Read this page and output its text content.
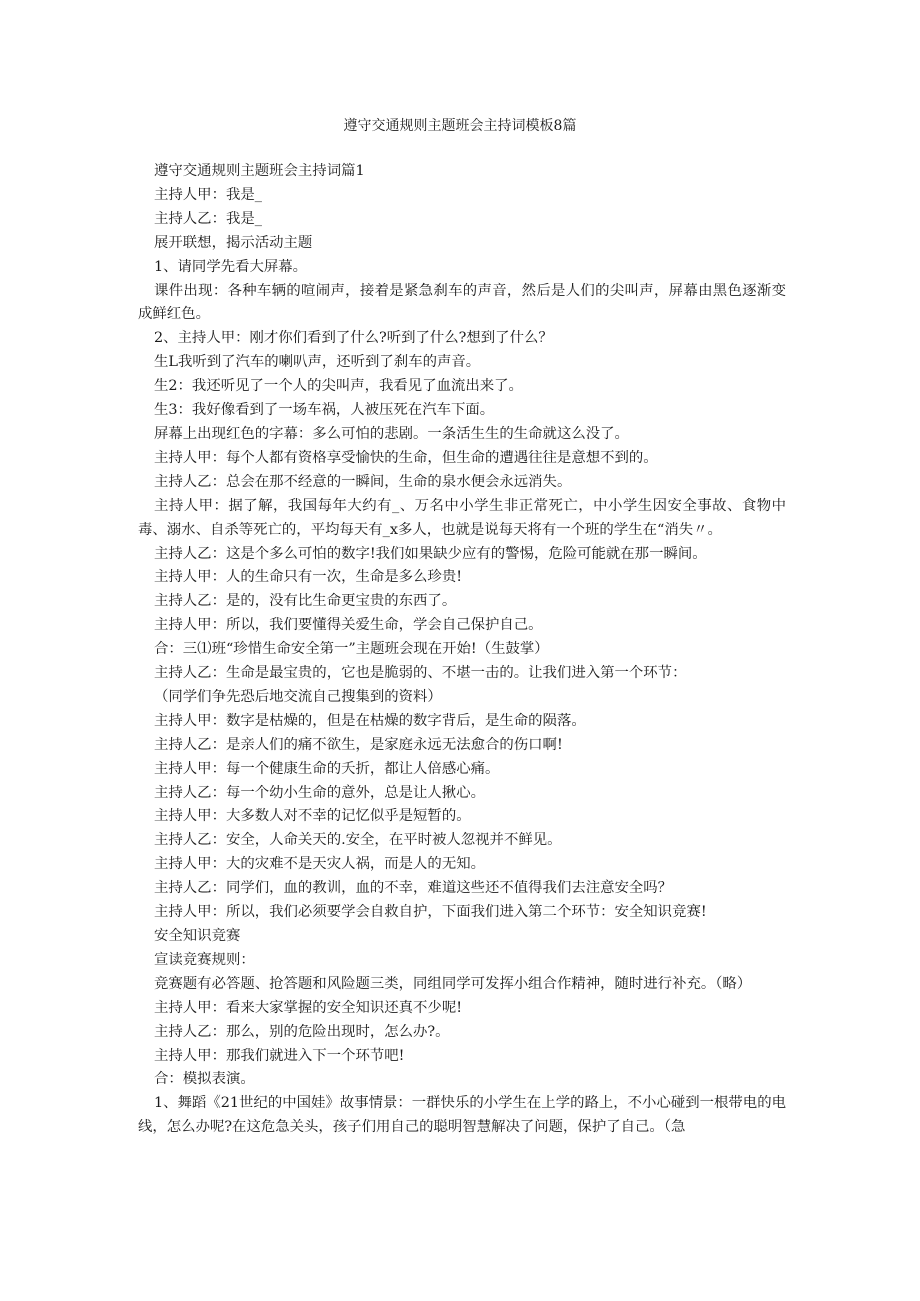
遵守交通规则主题班会主持词模板8篇

遵守交通规则主题班会主持词篇1

主持人甲：我是_

主持人乙：我是_

展开联想，揭示活动主题

1、请同学先看大屏幕。

课件出现：各种车辆的喧闹声，接着是紧急刹车的声音，然后是人们的尖叫声，屏幕由黑色逐渐变成鲜红色。

2、主持人甲：刚才你们看到了什么?听到了什么?想到了什么？

生L我听到了汽车的喇叭声，还听到了刹车的声音。

生2：我还听见了一个人的尖叫声，我看见了血流出来了。

生3：我好像看到了一场车祸，人被压死在汽车下面。

屏幕上出现红色的字幕：多么可怕的悲剧。一条活生生的生命就这么没了。

主持人甲：每个人都有资格享受愉快的生命，但生命的遭遇往往是意想不到的。

主持人乙：总会在那不经意的一瞬间，生命的泉水便会永远消失。

主持人甲：据了解，我国每年大约有_、万名中小学生非正常死亡，中小学生因安全事故、食物中毒、溺水、自杀等死亡的，平均每天有_x多人，也就是说每天将有一个班的学生在“消失〃。

主持人乙：这是个多么可怕的数字!我们如果缺少应有的警惕，危险可能就在那一瞬间。

主持人甲：人的生命只有一次，生命是多么珍贵!

主持人乙：是的，没有比生命更宝贵的东西了。

主持人甲：所以，我们要懂得关爱生命，学会自己保护自己。

合：三⑴班“珍惜生命安全第一”主题班会现在开始!（生鼓掌）

主持人乙：生命是最宝贵的，它也是脆弱的、不堪一击的。让我们进入第一个环节：

（同学们争先恐后地交流自己搜集到的资料）

主持人甲：数字是枯燥的，但是在枯燥的数字背后，是生命的陨落。

主持人乙：是亲人们的痛不欲生，是家庭永远无法愈合的伤口啊!

主持人甲：每一个健康生命的夭折，都让人倍感心痛。

主持人乙：每一个幼小生命的意外，总是让人揪心。

主持人甲：大多数人对不幸的记忆似乎是短暂的。

主持人乙：安全，人命关天的.安全，在平时被人忽视并不鲜见。

主持人甲：大的灾难不是天灾人祸，而是人的无知。

主持人乙：同学们，血的教训，血的不幸，难道这些还不值得我们去注意安全吗？

主持人甲：所以，我们必须要学会自救自护，下面我们进入第二个环节：安全知识竞赛!

安全知识竞赛

宣读竞赛规则：

竞赛题有必答题、抢答题和风险题三类，同组同学可发挥小组合作精神，随时进行补充。（略）

主持人甲：看来大家掌握的安全知识还真不少呢!

主持人乙：那么，别的危险出现时，怎么办?。

主持人甲：那我们就进入下一个环节吧!

合：模拟表演。

1、舞蹈《21世纪的中国娃》故事情景：一群快乐的小学生在上学的路上，不小心碰到一根带电的电线，怎么办呢?在这危急关头，孩子们用自己的聪明智慧解决了问题，保护了自己。（急
